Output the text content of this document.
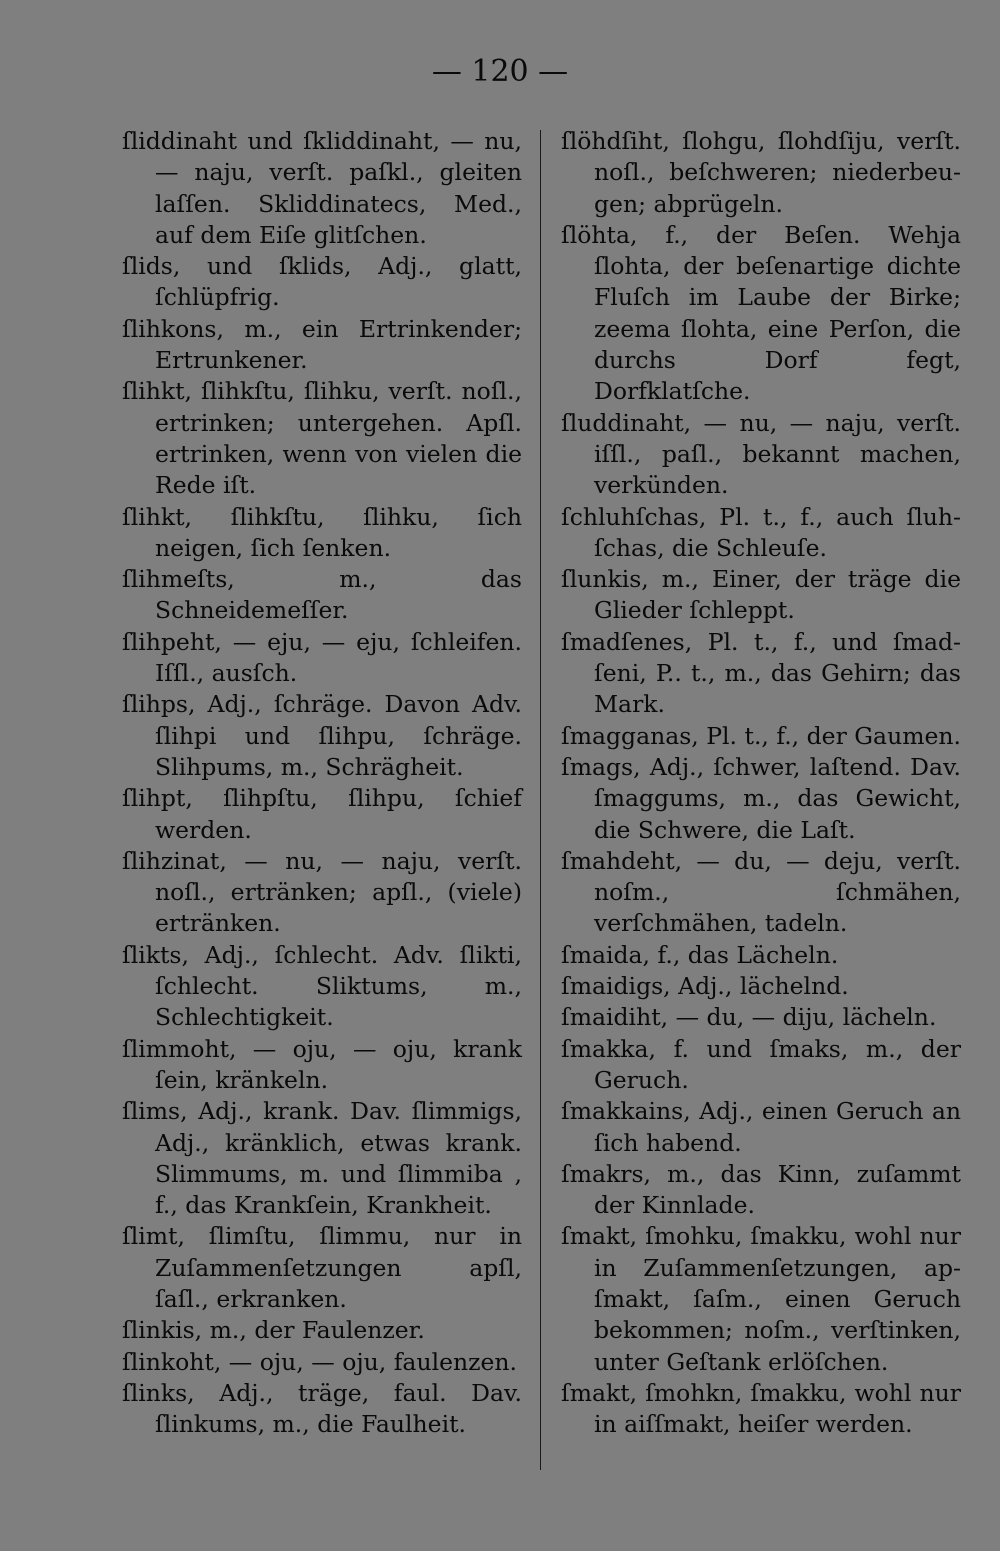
— 120 —
ſliddinaht und ſkliddinaht, — nu, — naju, verſt. paſkl., gleiten laſſen. Skliddinatecs, Med., auf dem Eiſe glitſchen.
ſlids, und ſklids, Adj., glatt, ſchlüpfrig.
ſlihkons, m., ein Ertrinkender; Ertrunkener.
ſlihkt, ſlihkſtu, ſlihku, verſt. noſl., ertrinken; untergehen. Apſl. ertrinken, wenn von vielen die Rede iſt.
ſlihkt, ſlihkſtu, ſlihku, ſich neigen, ſich ſenken.
ſlihmeſts, m., das Schneidemeſſer.
ſlihpeht, — eju, — eju, ſchleifen. Iſſl., ausſch.
ſlihps, Adj., ſchräge. Davon Adv. ſlihpi und ſlihpu, ſchräge. Slihpums, m., Schrägheit.
ſlihpt, ſlihpſtu, ſlihpu, ſchief werden.
ſlihzinat, — nu, — naju, verſt. noſl., ertränken; apſl., (viele) ertränken.
ſlikts, Adj., ſchlecht. Adv. ſlikti, ſchlecht. Sliktums, m., Schlechtigkeit.
ſlimmoht, — oju, — oju, krank ſein, kränkeln.
ſlims, Adj., krank. Dav. ſlimmigs, Adj., kränklich, etwas krank. Slimmums, m. und ſlimmiba , f., das Krankſein, Krankheit.
ſlimt, ſlimſtu, ſlimmu, nur in Zuſammenſetzungen apſl, ſaſl., erkranken.
ſlinkis, m., der Faulenzer.
ſlinkoht, — oju, — oju, faulenzen.
ſlinks, Adj., träge, faul. Dav. ſlinkums, m., die Faulheit.
ſlöhdſiht, ſlohgu, ſlohdſiju, verſt. noſl., beſchweren; niederbeugen; abprügeln.
ſlöhta, f., der Beſen. Wehja ſlohta, der beſenartige dichte Fluſch im Laube der Birke; zeema ſlohta, eine Perſon, die durchs Dorf fegt, Dorfklatſche.
ſluddinaht, — nu, — naju, verſt. iſſl., paſl., bekannt machen, verkünden.
ſchluhſchas, Pl. t., f., auch ſluhſchas, die Schleuſe.
ſlunkis, m., Einer, der träge die Glieder ſchleppt.
ſmadſenes, Pl. t., f., und ſmadſeni, P.. t., m., das Gehirn; das Mark.
ſmagganas, Pl. t., f., der Gaumen.
ſmags, Adj., ſchwer, laſtend. Dav. ſmaggums, m., das Gewicht, die Schwere, die Laſt.
ſmahdeht, — du, — deju, verſt. noſm., ſchmähen, verſchmähen, tadeln.
ſmaida, f., das Lächeln.
ſmaidigs, Adj., lächelnd.
ſmaidiht, — du, — diju, lächeln.
ſmakka, f. und ſmaks, m., der Geruch.
ſmakkains, Adj., einen Geruch an ſich habend.
ſmakrs, m., das Kinn, zuſammt der Kinnlade.
ſmakt, ſmohku, ſmakku, wohl nur in Zuſammenſetzungen, apſmakt, ſaſm., einen Geruch bekommen; noſm., verſtinken, unter Geſtank erlöſchen.
ſmakt, ſmohkn, ſmakku, wohl nur in aiſſmakt, heiſer werden.
